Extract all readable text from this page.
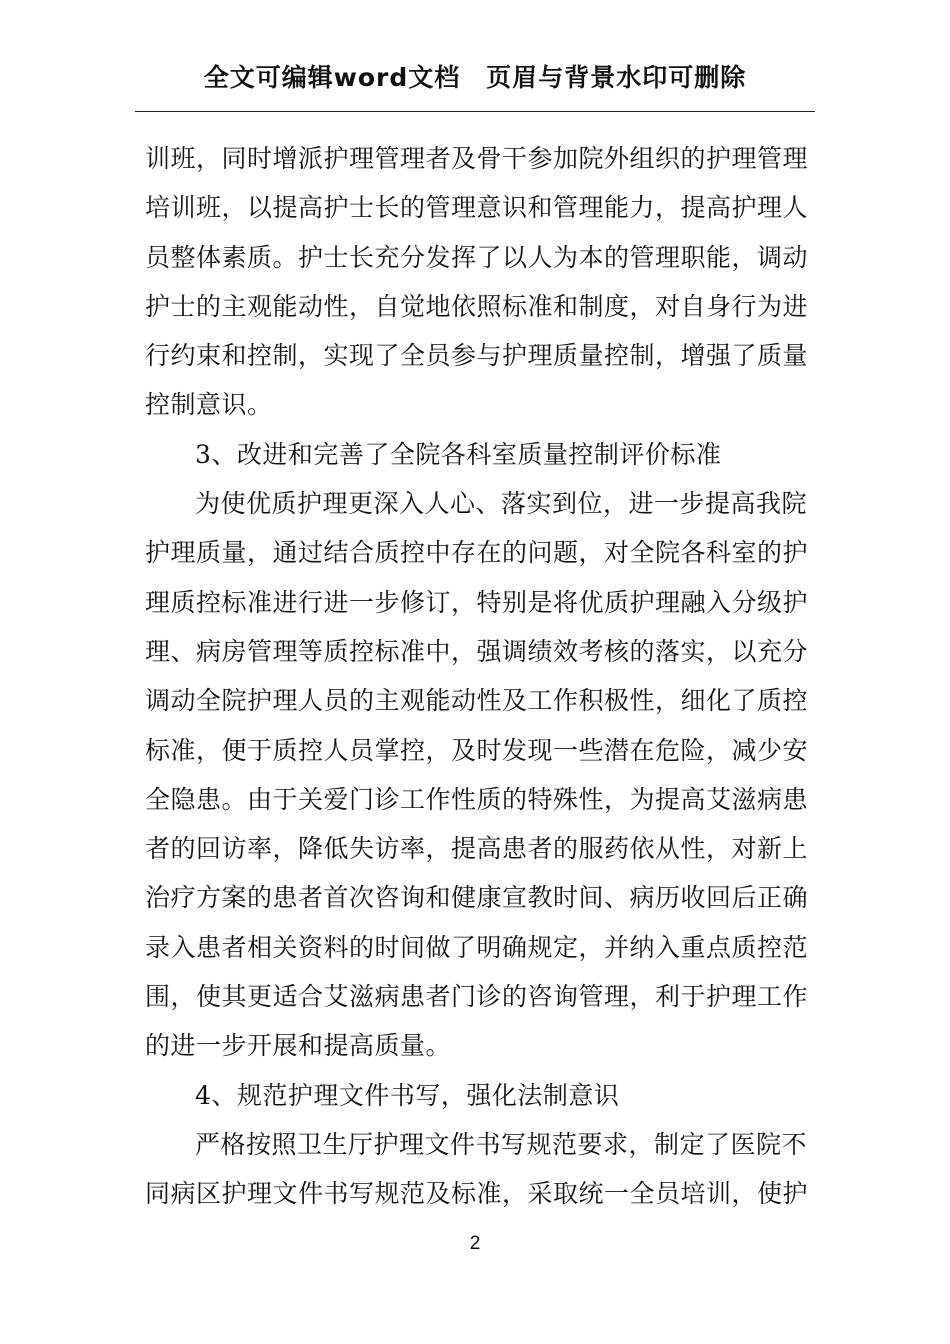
全文可编辑word文档　页眉与背景水印可删除
训班，同时增派护理管理者及骨干参加院外组织的护理管理
培训班，以提高护士长的管理意识和管理能力，提高护理人
员整体素质。护士长充分发挥了以人为本的管理职能，调动
护士的主观能动性，自觉地依照标准和制度，对自身行为进
行约束和控制，实现了全员参与护理质量控制，增强了质量
控制意识。
3、改进和完善了全院各科室质量控制评价标准
为使优质护理更深入人心、落实到位，进一步提高我院
护理质量，通过结合质控中存在的问题，对全院各科室的护
理质控标准进行进一步修订，特别是将优质护理融入分级护
理、病房管理等质控标准中，强调绩效考核的落实，以充分
调动全院护理人员的主观能动性及工作积极性，细化了质控
标准，便于质控人员掌控，及时发现一些潜在危险，减少安
全隐患。由于关爱门诊工作性质的特殊性，为提高艾滋病患
者的回访率，降低失访率，提高患者的服药依从性，对新上
治疗方案的患者首次咨询和健康宣教时间、病历收回后正确
录入患者相关资料的时间做了明确规定，并纳入重点质控范
围，使其更适合艾滋病患者门诊的咨询管理，利于护理工作
的进一步开展和提高质量。
4、规范护理文件书写，强化法制意识
严格按照卫生厅护理文件书写规范要求，制定了医院不
同病区护理文件书写规范及标准，采取统一全员培训，使护
2
